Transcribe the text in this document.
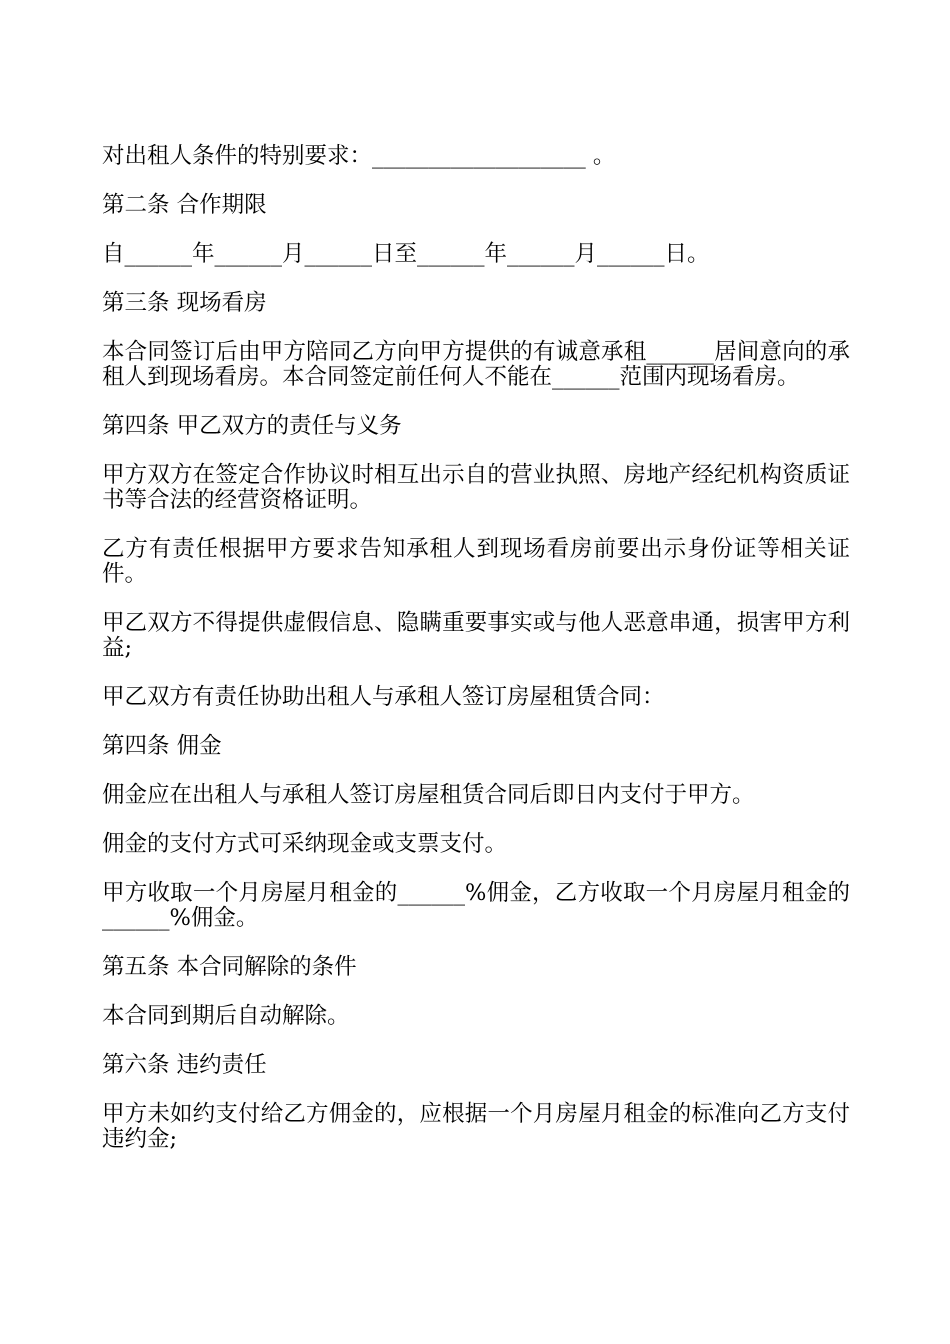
对出租人条件的特别要求：___________________ 。

第二条 合作期限

自______年______月______日至______年______月______日。

第三条 现场看房

本合同签订后由甲方陪同乙方向甲方提供的有诚意承租______居间意向的承租人到现场看房。本合同签定前任何人不能在______范围内现场看房。

第四条 甲乙双方的责任与义务

甲方双方在签定合作协议时相互出示自的营业执照、房地产经纪机构资质证书等合法的经营资格证明。

乙方有责任根据甲方要求告知承租人到现场看房前要出示身份证等相关证件。

甲乙双方不得提供虚假信息、隐瞒重要事实或与他人恶意串通，损害甲方利益;

甲乙双方有责任协助出租人与承租人签订房屋租赁合同：

第四条 佣金

佣金应在出租人与承租人签订房屋租赁合同后即日内支付于甲方。

佣金的支付方式可采纳现金或支票支付。

甲方收取一个月房屋月租金的______%佣金，乙方收取一个月房屋月租金的______%佣金。

第五条 本合同解除的条件

本合同到期后自动解除。

第六条 违约责任

甲方未如约支付给乙方佣金的，应根据一个月房屋月租金的标准向乙方支付违约金;
